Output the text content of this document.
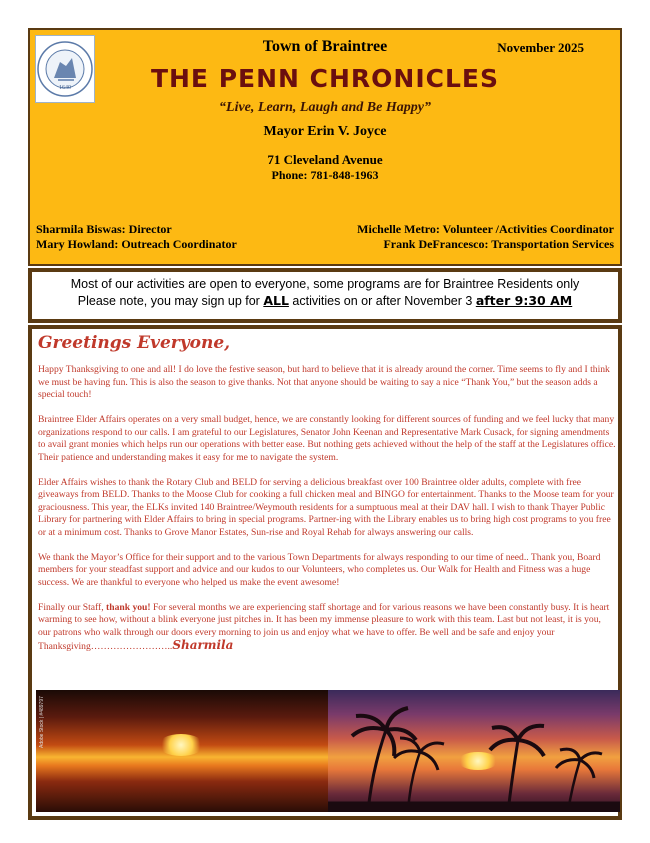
1640
Town of Braintree	November 2025
THE PENN CHRONICLES
“Live, Learn, Laugh and Be Happy”
Mayor Erin V. Joyce
71 Cleveland Avenue
Phone: 781-848-1963
Sharmila Biswas: Director
Mary Howland: Outreach Coordinator
Michelle Metro: Volunteer /Activities Coordinator
Frank DeFrancesco: Transportation Services
Most of our activities are open to everyone, some programs are for Braintree Residents only
Please note, you may sign up for ALL activities on or after November 3 after 9:30 AM
Greetings Everyone,

Happy Thanksgiving to one and all! I do love the festive season, but hard to believe that it is already around the corner. Time seems to fly and I think we must be having fun. This is also the season to give thanks. Not that anyone should be waiting to say a nice “Thank You,” but the season adds a special touch!

Braintree Elder Affairs operates on a very small budget, hence, we are constantly looking for different sources of funding and we feel lucky that many organizations respond to our calls. I am grateful to our Legislatures, Senator John Keenan and Representative Mark Cusack, for signing amendments to avail grant monies which helps run our operations with better ease. But nothing gets achieved without the help of the staff at the Legislatures office. Their patience and understanding makes it easy for me to navigate the system.

Elder Affairs wishes to thank the Rotary Club and BELD for serving a delicious breakfast over 100 Braintree older adults, complete with free giveaways from BELD. Thanks to the Moose Club for cooking a full chicken meal and BINGO for entertainment. Thanks to the Moose team for your graciousness. This year, the ELKs invited 140 Braintree/Weymouth residents for a sumptuous meal at their DAV hall. I wish to thank Thayer Public Library for partnering with Elder Affairs to bring in special programs. Partner-ing with the Library enables us to bring high cost programs to you free or at a minimum cost. Thanks to Grove Manor Estates, Sun-rise and Royal Rehab for always answering our calls.

We thank the Mayor’s Office for their support and to the various Town Departments for always responding to our time of need.. Thank you, Board members for your steadfast support and advice and our kudos to our Volunteers, who completes us. Our Walk for Health and Fitness was a huge success. We are thankful to everyone who helped us make the event awesome!

Finally our Staff, thank you! For several months we are experiencing staff shortage and for various reasons we have been constantly busy. It is heart warming to see how, without a blink everyone just pitches in. It has been my immense pleasure to work with this team. Last but not least, it is you, our patrons who walk through our doors every morning to join us and enjoy what we have to offer. Be well and be safe and enjoy your Thanksgiving……………………..Sharmila

Adobe Stock | #489797
